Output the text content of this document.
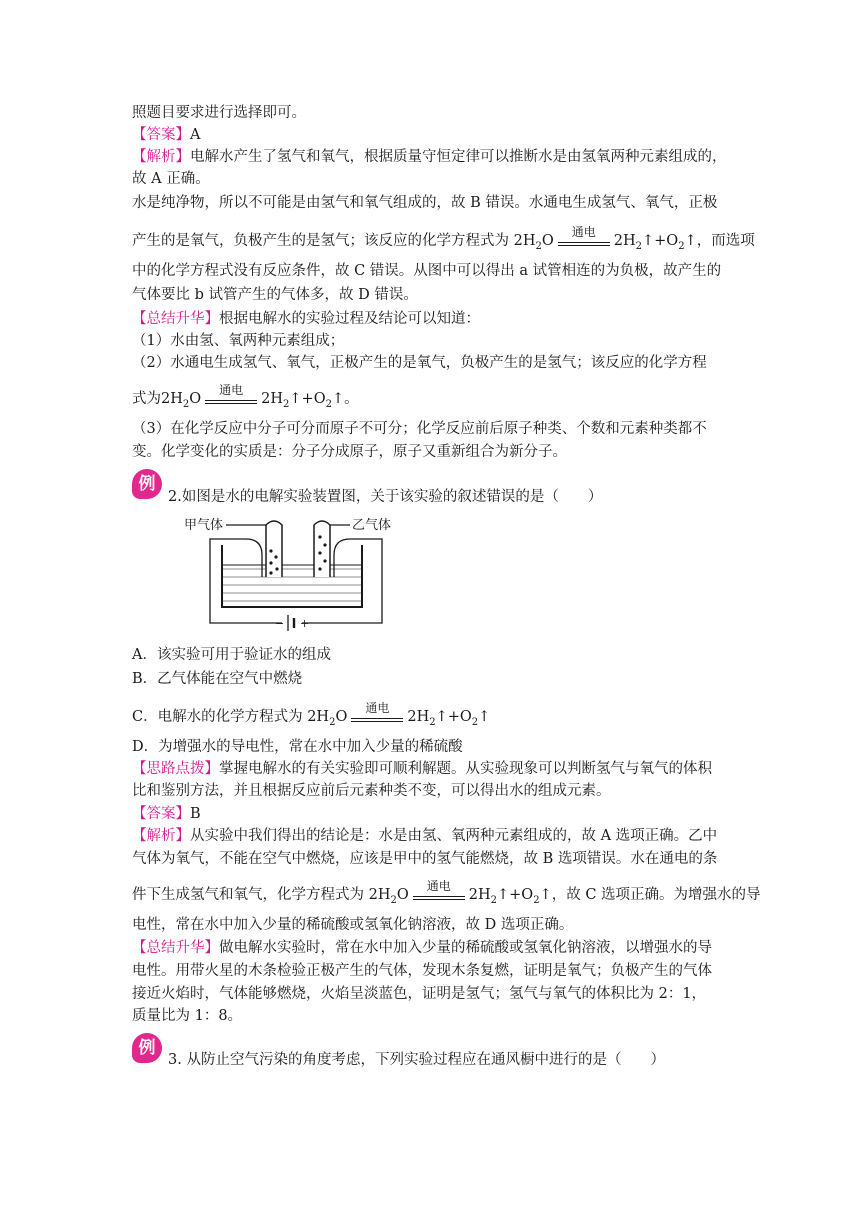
照题目要求进行选择即可。
【答案】A
【解析】电解水产生了氢气和氧气，根据质量守恒定律可以推断水是由氢氧两种元素组成的，
故 A 正确。
水是纯净物，所以不可能是由氢气和氧气组成的，故 B 错误。水通电生成氢气、氧气，正极
产生的是氧气，负极产生的是氢气；该反应的化学方程式为 $2H_2O$
通电
$2H_2↑+O_2↑$，而选项
中的化学方程式没有反应条件，故 C 错误。从图中可以得出 a 试管相连的为负极，故产生的
气体要比 b 试管产生的气体多，故 D 错误。
【总结升华】根据电解水的实验过程及结论可以知道：
（1）水由氢、氧两种元素组成；
（2）水通电生成氢气、氧气，正极产生的是氧气，负极产生的是氢气；该反应的化学方程
式为$2H_2O$
通电
$2H_2↑+O_2↑$。
（3）在化学反应中分子可分而原子不可分；化学反应前后原子种类、个数和元素种类都不
变。化学变化的实质是：分子分成原子，原子又重新组合为新分子。
例
2.如图是水的电解实验装置图，关于该实验的叙述错误的是（　　）
甲气体	乙气体
− +
A．该实验可用于验证水的组成
B．乙气体能在空气中燃烧
C．电解水的化学方程式为 $2H_2O$
通电
$2H_2↑+O_2↑$
D．为增强水的导电性，常在水中加入少量的稀硫酸
【思路点拨】掌握电解水的有关实验即可顺利解题。从实验现象可以判断氢气与氧气的体积
比和鉴别方法，并且根据反应前后元素种类不变，可以得出水的组成元素。
【答案】B
【解析】从实验中我们得出的结论是：水是由氢、氧两种元素组成的，故 A 选项正确。乙中
气体为氧气，不能在空气中燃烧，应该是甲中的氢气能燃烧，故 B 选项错误。水在通电的条
件下生成氢气和氧气，化学方程式为 $2H_2O$
通电
$2H_2↑+O_2↑$，故 C 选项正确。为增强水的导
电性，常在水中加入少量的稀硫酸或氢氧化钠溶液，故 D 选项正确。
【总结升华】做电解水实验时，常在水中加入少量的稀硫酸或氢氧化钠溶液，以增强水的导
电性。用带火星的木条检验正极产生的气体，发现木条复燃，证明是氧气；负极产生的气体
接近火焰时，气体能够燃烧，火焰呈淡蓝色，证明是氢气；氢气与氧气的体积比为 2：1，
质量比为 1：8。
例
3. 从防止空气污染的角度考虑，下列实验过程应在通风橱中进行的是（　　）
